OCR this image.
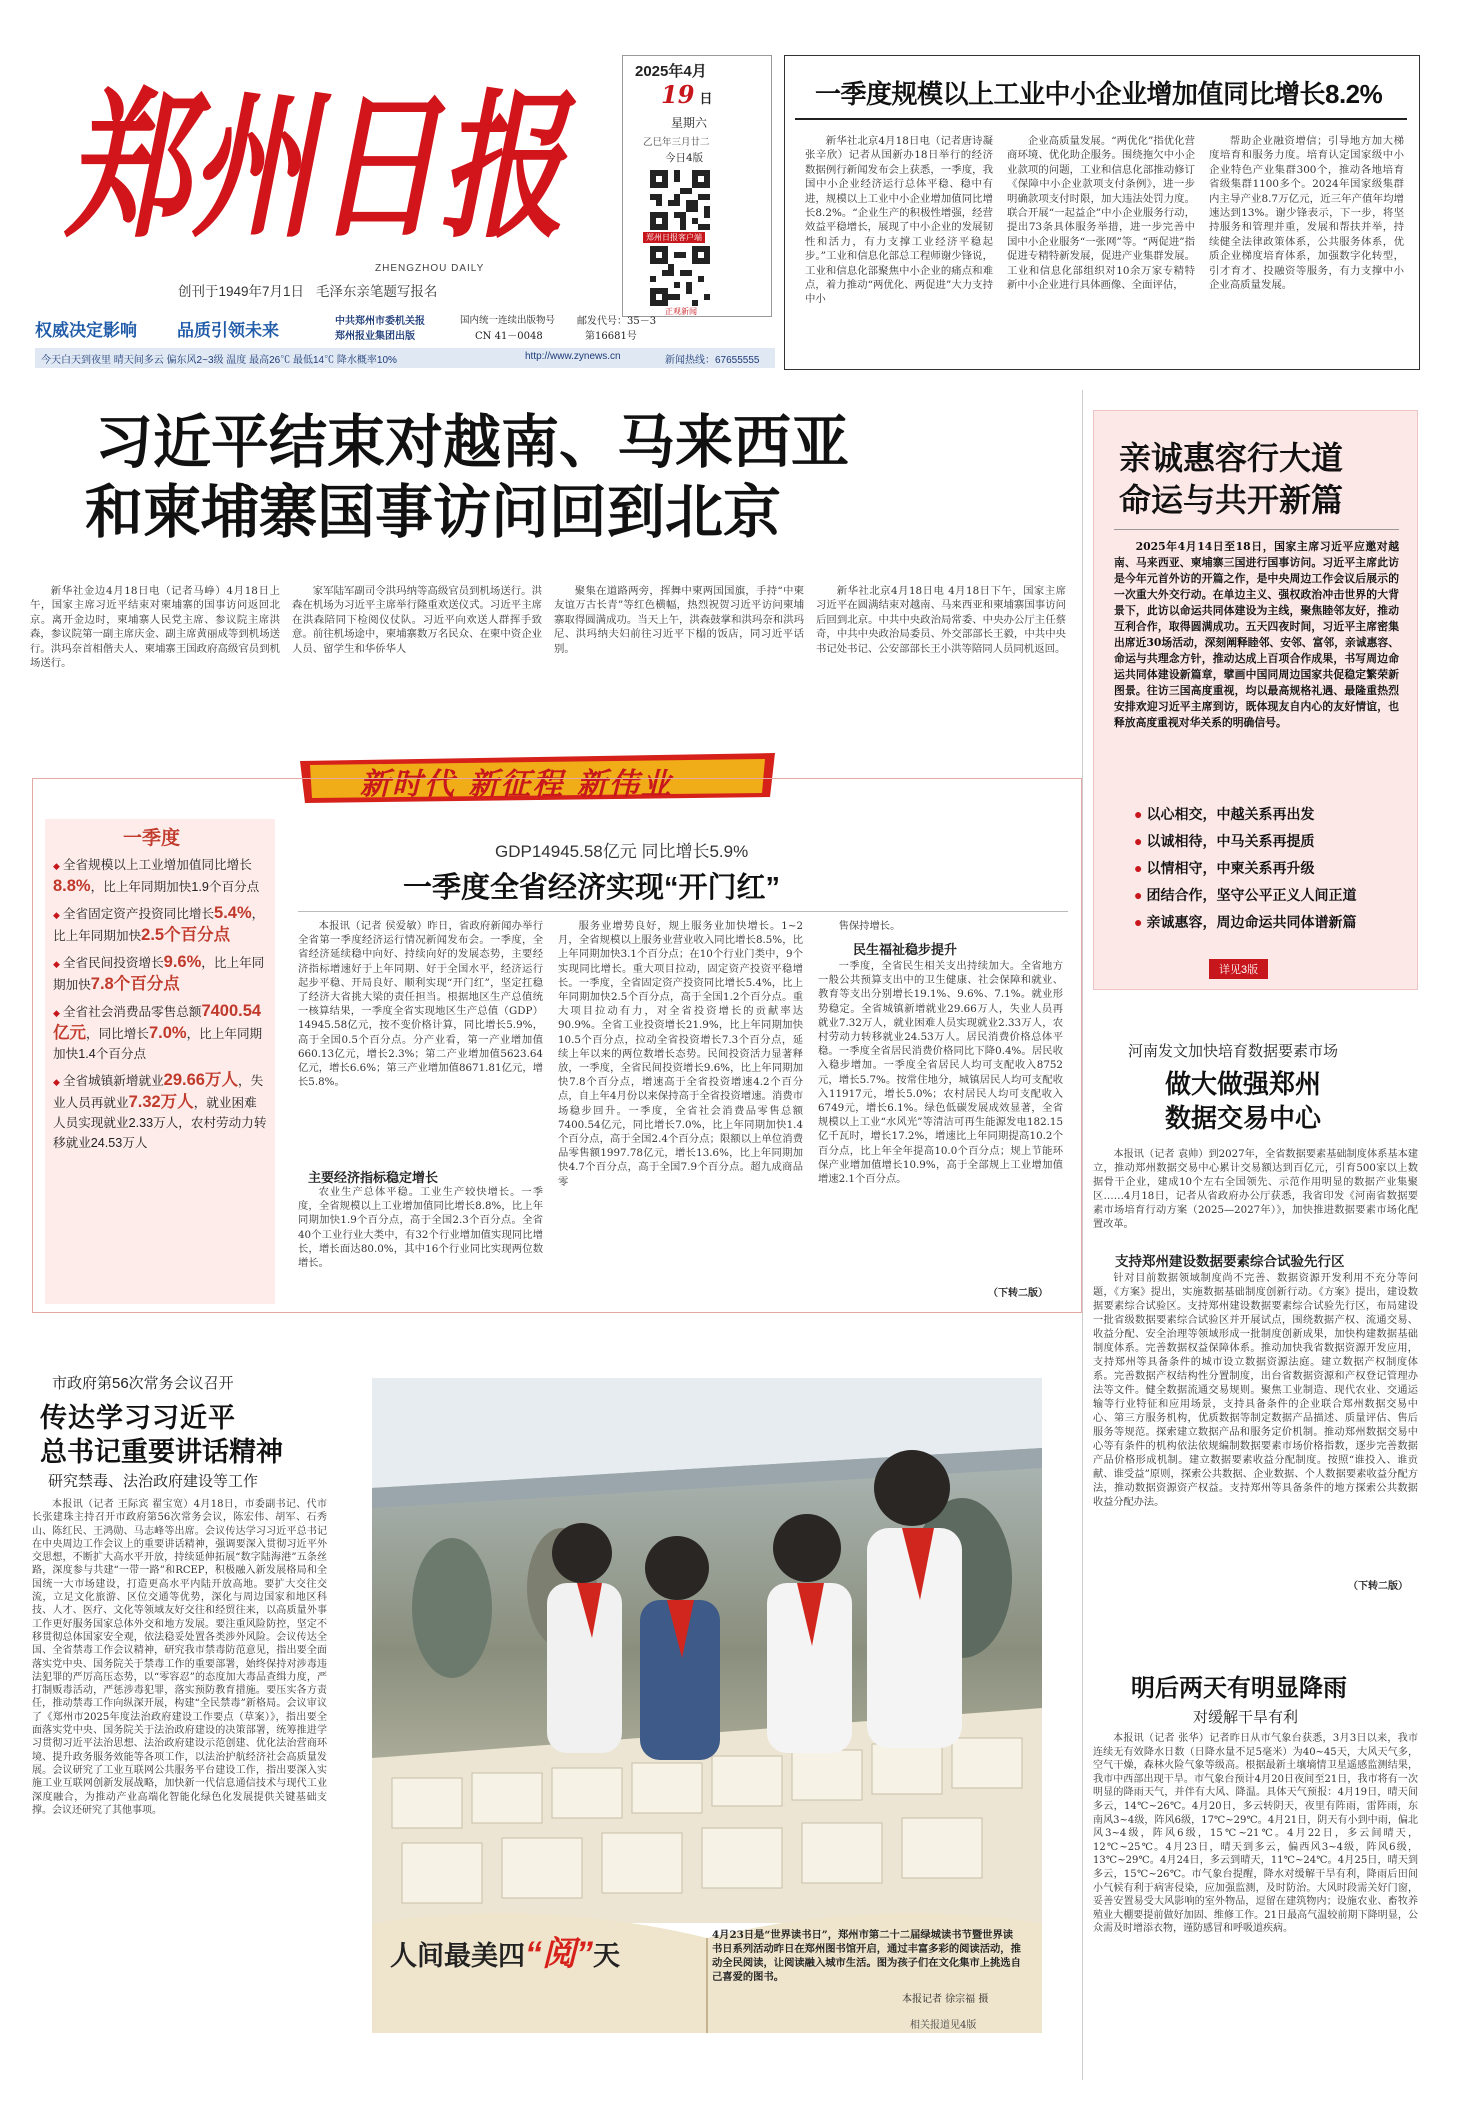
郑州日报
ZHENGZHOU DAILY
创刊于1949年7月1日 毛泽东亲笔题写报名
2025年4月
19 日
星期六
乙巳年三月廿二
今日4版
郑州日报客户端
正观新闻
一季度规模以上工业中小企业增加值同比增长8.2%

新华社北京4月18日电（记者唐诗凝 张辛欣）记者从国新办18日举行的经济数据例行新闻发布会上获悉，一季度，我国中小企业经济运行总体平稳、稳中有进，规模以上工业中小企业增加值同比增长8.2%。“企业生产的积极性增强，经营效益平稳增长，展现了中小企业的发展韧性和活力，有力支撑工业经济平稳起步。”工业和信息化部总工程师谢少锋说，工业和信息化部聚焦中小企业的痛点和难点，着力推动“两优化、两促进”大力支持中小

企业高质量发展。“两优化”指优化营商环境、优化助企服务。围绕拖欠中小企业款项的问题，工业和信息化部推动修订《保障中小企业款项支付条例》，进一步明确款项支付时限，加大违法处罚力度。联合开展“一起益企”中小企业服务行动，提出73条具体服务举措，进一步完善中国中小企业服务“一张网”等。“两促进”指促进专精特新发展，促进产业集群发展。工业和信息化部组织对10余万家专精特新中小企业进行具体画像、全面评估，

帮助企业融资增信；引导地方加大梯度培育和服务力度。培育认定国家级中小企业特色产业集群300个，推动各地培育省级集群1100多个。2024年国家级集群内主导产业8.7万亿元，近三年产值年均增速达到13%。谢少锋表示，下一步，将坚持服务和管理并重，发展和帮扶并举，持续健全法律政策体系，公共服务体系，优质企业梯度培育体系，加强数字化转型，引才育才、投融资等服务，有力支撑中小企业高质量发展。

权威决定影响 品质引领未来	中共郑州市委机关报
郑州报业集团出版
国内统一连续出版物号
CN 41－0048
邮发代号：35－3
第16681号
今天白天到夜里 晴天间多云 偏东风2~3级 温度 最高26℃ 最低14℃ 降水概率10%	http://www.zynews.cn	新闻热线：67655555
习近平结束对越南、马来西亚
和柬埔寨国事访问回到北京

新华社金边4月18日电（记者马峥）4月18日上午，国家主席习近平结束对柬埔寨的国事访问返回北京。离开金边时，柬埔寨人民党主席、参议院主席洪森，参议院第一副主席庆金、副主席黄丽成等到机场送行。洪玛奈首相偕夫人、柬埔寨王国政府高级官员到机场送行。

家军陆军副司令洪玛纳等高级官员到机场送行。洪森在机场为习近平主席举行隆重欢送仪式。习近平主席在洪森陪同下检阅仪仗队。习近平向欢送人群挥手致意。前往机场途中，柬埔寨数万名民众、在柬中资企业人员、留学生和华侨华人

聚集在道路两旁，挥舞中柬两国国旗，手持“中柬友谊万古长青”等红色横幅，热烈祝贺习近平访问柬埔寨取得圆满成功。当天上午，洪森鼓掌和洪玛奈和洪玛尼、洪玛纳夫妇前往习近平下榻的饭店，同习近平话别。

新华社北京4月18日电 4月18日下午，国家主席习近平在圆满结束对越南、马来西亚和柬埔寨国事访问后回到北京。中共中央政治局常委、中央办公厅主任蔡奇，中共中央政治局委员、外交部部长王毅，中共中央书记处书记、公安部部长王小洪等陪同人员同机返回。

亲诚惠容行大道
命运与共开新篇

2025年4月14日至18日，国家主席习近平应邀对越南、马来西亚、柬埔寨三国进行国事访问。习近平主席此访是今年元首外访的开篇之作，是中央周边工作会议后展示的一次重大外交行动。在单边主义、强权政治冲击世界的大背景下，此访以命运共同体建设为主线，聚焦睦邻友好，推动互利合作，取得圆满成功。五天四夜时间，习近平主席密集出席近30场活动，深刻阐释睦邻、安邻、富邻，亲诚惠容、命运与共理念方针，推动达成上百项合作成果，书写周边命运共同体建设新篇章，擘画中国同周边国家共促稳定繁荣新图景。往访三国高度重视，均以最高规格礼遇、最隆重热烈安排欢迎习近平主席到访，既体现友自内心的友好情谊，也释放高度重视对华关系的明确信号。

● 以心相交，中越关系再出发
● 以诚相待，中马关系再提质
● 以情相守，中柬关系再升级
● 团结合作，坚守公平正义人间正道
● 亲诚惠容，周边命运共同体谱新篇
详见3版
新时代 新征程 新伟业
一季度
◆ 全省规模以上工业增加值同比增长8.8%，比上年同期加快1.9个百分点
◆ 全省固定资产投资同比增长5.4%，比上年同期加快2.5个百分点
◆ 全省民间投资增长9.6%，比上年同期加快7.8个百分点
◆ 全省社会消费品零售总额7400.54亿元，同比增长7.0%，比上年同期加快1.4个百分点
◆ 全省城镇新增就业29.66万人，失业人员再就业7.32万人，就业困难人员实现就业2.33万人，农村劳动力转移就业24.53万人
GDP14945.58亿元 同比增长5.9%
一季度全省经济实现“开门红”

本报讯（记者 侯爱敏）昨日，省政府新闻办举行全省第一季度经济运行情况新闻发布会。一季度，全省经济延续稳中向好、持续向好的发展态势，主要经济指标增速好于上年同期、好于全国水平，经济运行起步平稳、开局良好、顺利实现“开门红”，坚定扛稳了经济大省挑大梁的责任担当。根据地区生产总值统一核算结果，一季度全省实现地区生产总值（GDP）14945.58亿元，按不变价格计算，同比增长5.9%，高于全国0.5个百分点。分产业看，第一产业增加值660.13亿元，增长2.3%；第二产业增加值5623.64亿元，增长6.6%；第三产业增加值8671.81亿元，增长5.8%。

主要经济指标稳定增长

农业生产总体平稳。工业生产较快增长。一季度，全省规模以上工业增加值同比增长8.8%，比上年同期加快1.9个百分点，高于全国2.3个百分点。全省40个工业行业大类中，有32个行业增加值实现同比增长，增长面达80.0%，其中16个行业同比实现两位数增长。

服务业增势良好，规上服务业加快增长。1~2月，全省规模以上服务业营业收入同比增长8.5%，比上年同期加快3.1个百分点；在10个行业门类中，9个实现同比增长。重大项目拉动，固定资产投资平稳增长。一季度，全省固定资产投资同比增长5.4%，比上年同期加快2.5个百分点，高于全国1.2个百分点。重大项目拉动有力，对全省投资增长的贡献率达90.9%。全省工业投资增长21.9%，比上年同期加快10.5个百分点，拉动全省投资增长7.3个百分点，延续上年以来的两位数增长态势。民间投资活力显著释放，一季度，全省民间投资增长9.6%，比上年同期加快7.8个百分点，增速高于全省投资增速4.2个百分点，自上年4月份以来保持高于全省投资增速。消费市场稳步回升。一季度，全省社会消费品零售总额7400.54亿元，同比增长7.0%，比上年同期加快1.4个百分点，高于全国2.4个百分点；限额以上单位消费品零售额1997.78亿元，增长13.6%，比上年同期加快4.7个百分点，高于全国7.9个百分点。超九成商品零

售保持增长。

民生福祉稳步提升

一季度，全省民生相关支出持续加大。全省地方一般公共预算支出中的卫生健康、社会保障和就业、教育等支出分别增长19.1%、9.6%、7.1%。就业形势稳定。全省城镇新增就业29.66万人，失业人员再就业7.32万人，就业困难人员实现就业2.33万人，农村劳动力转移就业24.53万人。居民消费价格总体平稳。一季度全省居民消费价格同比下降0.4%。居民收入稳步增加。一季度全省居民人均可支配收入8752元，增长5.7%。按常住地分，城镇居民人均可支配收入11917元，增长5.0%；农村居民人均可支配收入6749元，增长6.1%。绿色低碳发展成效显著，全省规模以上工业“水风光”等清洁可再生能源发电182.15亿千瓦时，增长17.2%，增速比上年同期提高10.2个百分点，比上年全年提高10.0个百分点；规上节能环保产业增加值增长10.9%，高于全部规上工业增加值增速2.1个百分点。

（下转二版）
河南发文加快培育数据要素市场
做大做强郑州
数据交易中心

本报讯（记者 袁帅）到2027年，全省数据要素基础制度体系基本建立，推动郑州数据交易中心累计交易额达到百亿元，引育500家以上数据骨干企业，建成10个左右全国领先、示范作用明显的数据产业集聚区……4月18日，记者从省政府办公厅获悉，我省印发《河南省数据要素市场培育行动方案（2025—2027年）》，加快推进数据要素市场化配置改革。

支持郑州建设数据要素综合试验先行区

针对目前数据领域制度尚不完善、数据资源开发利用不充分等问题，《方案》提出，实施数据基础制度创新行动。《方案》提出，建设数据要素综合试验区。支持郑州建设数据要素综合试验先行区，布局建设一批省级数据要素综合试验区并开展试点，围绕数据产权、流通交易、收益分配、安全治理等领域形成一批制度创新成果，加快构建数据基础制度体系。完善数据权益保障体系。推动加快我省数据资源开发应用，支持郑州等具备条件的城市设立数据资源法庭。建立数据产权制度体系。完善数据产权结构性分置制度，出台省数据资源和产权登记管理办法等文件。健全数据流通交易规则。聚焦工业制造、现代农业、交通运输等行业特征和应用场景，支持具备条件的企业联合郑州数据交易中心、第三方服务机构，优质数据等制定数据产品描述、质量评估、售后服务等规范。探索建立数据产品和服务定价机制。推动郑州数据交易中心等有条件的机构依法依规编制数据要素市场价格指数，逐步完善数据产品价格形成机制。建立数据要素收益分配制度。按照“谁投入、谁贡献、谁受益”原则，探索公共数据、企业数据、个人数据要素收益分配方法，推动数据资源资产权益。支持郑州等具备条件的地方探索公共数据收益分配办法。

（下转二版）
市政府第56次常务会议召开
传达学习习近平
总书记重要讲话精神
研究禁毒、法治政府建设等工作

本报讯（记者 王际宾 翟宝宽）4月18日，市委副书记、代市长张建珠主持召开市政府第56次常务会议，陈宏伟、胡军、石秀山、陈红民、王鸿勋、马志峰等出席。会议传达学习习近平总书记在中央周边工作会议上的重要讲话精神，强调要深入贯彻习近平外交思想，不断扩大高水平开放，持续延伸拓展“数字陆海港”五条丝路，深度参与共建“一带一路”和RCEP，积极融入新发展格局和全国统一大市场建设，打造更高水平内陆开放高地。要扩大交往交流，立足文化旅游、区位交通等优势，深化与周边国家和地区科技、人才、医疗、文化等领域友好交往和经贸往来，以高质量外事工作更好服务国家总体外交和地方发展。要注重风险防控，坚定不移贯彻总体国家安全观，依法稳妥处置各类涉外风险。会议传达全国、全省禁毒工作会议精神，研究我市禁毒防范意见，指出要全面落实党中央、国务院关于禁毒工作的重要部署，始终保持对涉毒违法犯罪的严厉高压态势，以“零容忍”的态度加大毒品查缉力度，严打制贩毒活动，严惩涉毒犯罪，落实预防教育措施。要压实各方责任，推动禁毒工作向纵深开展，构建“全民禁毒”新格局。会议审议了《郑州市2025年度法治政府建设工作要点（草案）》，指出要全面落实党中央、国务院关于法治政府建设的决策部署，统筹推进学习贯彻习近平法治思想、法治政府建设示范创建、优化法治营商环境、提升政务服务效能等各项工作，以法治护航经济社会高质量发展。会议研究了工业互联网公共服务平台建设工作，指出要深入实施工业互联网创新发展战略，加快新一代信息通信技术与现代工业深度融合，为推动产业高端化智能化绿色化发展提供关键基础支撑。会议还研究了其他事项。

人间最美四“阅”天

4月23日是“世界读书日”，郑州市第二十二届绿城读书节暨世界读书日系列活动昨日在郑州图书馆开启，通过丰富多彩的阅读活动，推动全民阅读，让阅读融入城市生活。图为孩子们在文化集市上挑选自己喜爱的图书。

本报记者 徐宗福 摄
相关报道见4版
明后两天有明显降雨
对缓解干旱有利

本报讯（记者 张华）记者昨日从市气象台获悉，3月3日以来，我市连续无有效降水日数（日降水量不足5毫米）为40~45天，大风天气多，空气干燥，森林火险气象等级高。根据最新土壤墒情卫星遥感监测结果，我市中西部出现干旱。市气象台预计4月20日夜间至21日，我市将有一次明显的降雨天气，并伴有大风、降温。具体天气预报：4月19日，晴天间多云，14℃~26℃。4月20日，多云转阴天，夜里有阵雨，雷阵雨，东南风3~4级，阵风6级，17℃~29℃。4月21日，阴天有小到中雨，偏北风3~4级，阵风6级，15℃~21℃。4月22日，多云间晴天，12℃~25℃。4月23日，晴天到多云，偏西风3~4级，阵风6级，13℃~29℃。4月24日，多云到晴天，11℃~24℃。4月25日，晴天到多云，15℃~26℃。市气象台提醒，降水对缓解干旱有利，降雨后田间小气候有利于病害侵染，应加强监测，及时防治。大风时段需关好门窗，妥善安置易受大风影响的室外物品，逗留在建筑物内；设施农业、畜牧养殖业大棚要提前做好加固、维修工作。21日最高气温较前期下降明显，公众需及时增添衣物，谨防感冒和呼吸道疾病。
